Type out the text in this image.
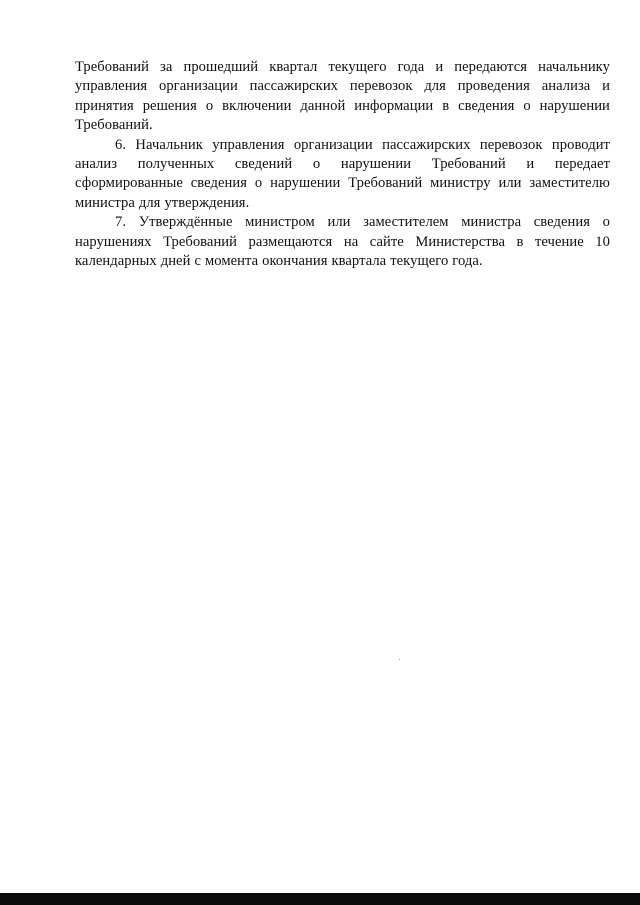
Требований за прошедший квартал текущего года и передаются начальнику
управления организации пассажирских перевозок для проведения анализа и
принятия решения о включении данной информации в сведения о нарушении
Требований.
6. Начальник управления организации пассажирских перевозок проводит
анализ полученных сведений о нарушении Требований и передает
сформированные сведения о нарушении Требований министру или заместителю
министра для утверждения.
7. Утверждённые министром или заместителем министра сведения о
нарушениях Требований размещаются на сайте Министерства в течение 10
календарных дней с момента окончания квартала текущего года.
